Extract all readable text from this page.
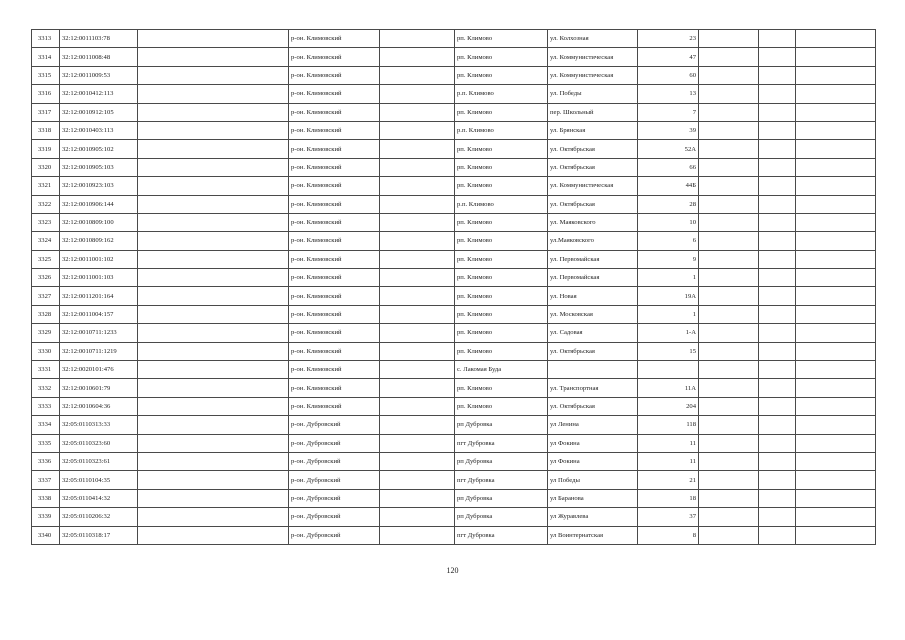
3313	32:12:0011103:78		р-он. Климовский		рп. Климово	ул. Колхозная	23			
3314	32:12:0011008:48		р-он. Климовский		рп. Климово	ул. Коммунистическая	47			
3315	32:12:0011009:53		р-он. Климовский		рп. Климово	ул. Коммунистическая	60			
3316	32:12:0010412:113		р-он. Климовский		р.п. Климово	ул. Победы	13			
3317	32:12:0010912:105		р-он. Климовский		рп. Климово	пер. Школьный	7			
3318	32:12:0010403:113		р-он. Климовский		р.п. Климово	ул. Брянская	39			
3319	32:12:0010905:102		р-он. Климовский		рп. Климово	ул. Октябрьская	52А			
3320	32:12:0010905:103		р-он. Климовский		рп. Климово	ул. Октябрьская	66			
3321	32:12:0010923:103		р-он. Климовский		рп. Климово	ул. Коммунистическая	44Б			
3322	32:12:0010906:144		р-он. Климовский		р.п. Климово	ул. Октябрьская	28			
3323	32:12:0010809:100		р-он. Климовский		рп. Климово	ул. Маяковского	10			
3324	32:12:0010809:162		р-он. Климовский		рп. Климово	ул.Маяковского	6			
3325	32:12:0011001:102		р-он. Климовский		рп. Климово	ул. Первомайская	9			
3326	32:12:0011001:103		р-он. Климовский		рп. Климово	ул. Первомайская	1			
3327	32:12:0011201:164		р-он. Климовский		рп. Климово	ул. Новая	19А			
3328	32:12:0011004:157		р-он. Климовский		рп. Климово	ул. Московская	1			
3329	32:12:0010711:1233		р-он. Климовский		рп. Климово	ул. Садовая	1-А			
3330	32:12:0010711:1219		р-он. Климовский		рп. Климово	ул. Октябрьская	15			
3331	32:12:0020101:476		р-он. Климовский		с. Лакомая Буда					
3332	32:12:0010601:79		р-он. Климовский		рп. Климово	ул. Транспортная	11А			
3333	32:12:0010604:36		р-он. Климовский		рп. Климово	ул. Октябрьская	204			
3334	32:05:0110313:33		р-он. Дубровский		рп Дубровка	ул Ленина	118			
3335	32:05:0110323:60		р-он. Дубровский		пгт Дубровка	ул Фокина	11			
3336	32:05:0110323:61		р-он. Дубровский		рп Дубровка	ул Фокина	11			
3337	32:05:0110104:35		р-он. Дубровский		пгт Дубровка	ул Победы	21			
3338	32:05:0110414:32		р-он. Дубровский		рп Дубровка	ул Баранова	18			
3339	32:05:0110206:32		р-он. Дубровский		рп Дубровка	ул Журавлева	37			
3340	32:05:0110318:17		р-он. Дубровский		пгт Дубровка	ул Воинтернатская	8			
120
